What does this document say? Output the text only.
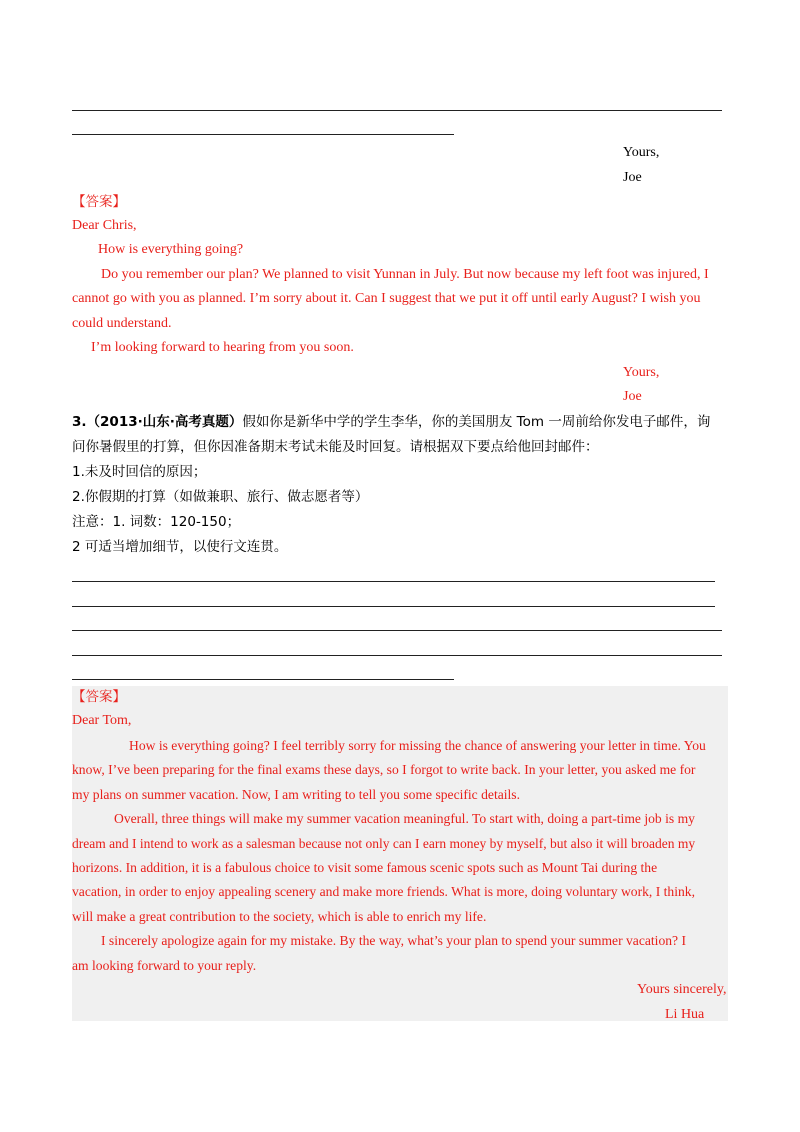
Yours,
Joe
【答案】
Dear Chris,
How is everything going?
Do you remember our plan? We planned to visit Yunnan in July. But now because my left foot was injured, I
cannot go with you as planned. I’m sorry about it. Can I suggest that we put it off until early August? I wish you
could understand.
I’m looking forward to hearing from you soon.
Yours,
Joe
3.（2013·山东·高考真题）假如你是新华中学的学生李华，你的美国朋友 Tom 一周前给你发电子邮件，询
问你暑假里的打算，但你因准备期末考试未能及时回复。请根据双下要点给他回封邮件：
1.未及时回信的原因；
2.你假期的打算（如做兼职、旅行、做志愿者等）
注意：1. 词数：120-150；
2 可适当增加细节，以使行文连贯。
【答案】
Dear Tom,
How is everything going? I feel terribly sorry for missing the chance of answering your letter in time. You
know, I’ve been preparing for the final exams these days, so I forgot to write back. In your letter, you asked me for
my plans on summer vacation. Now, I am writing to tell you some specific details.
Overall, three things will make my summer vacation meaningful. To start with, doing a part-time job is my
dream and I intend to work as a salesman because not only can I earn money by myself, but also it will broaden my
horizons. In addition, it is a fabulous choice to visit some famous scenic spots such as Mount Tai during the
vacation, in order to enjoy appealing scenery and make more friends. What is more, doing voluntary work, I think,
will make a great contribution to the society, which is able to enrich my life.
I sincerely apologize again for my mistake. By the way, what’s your plan to spend your summer vacation? I
am looking forward to your reply.
Yours sincerely,
Li Hua
